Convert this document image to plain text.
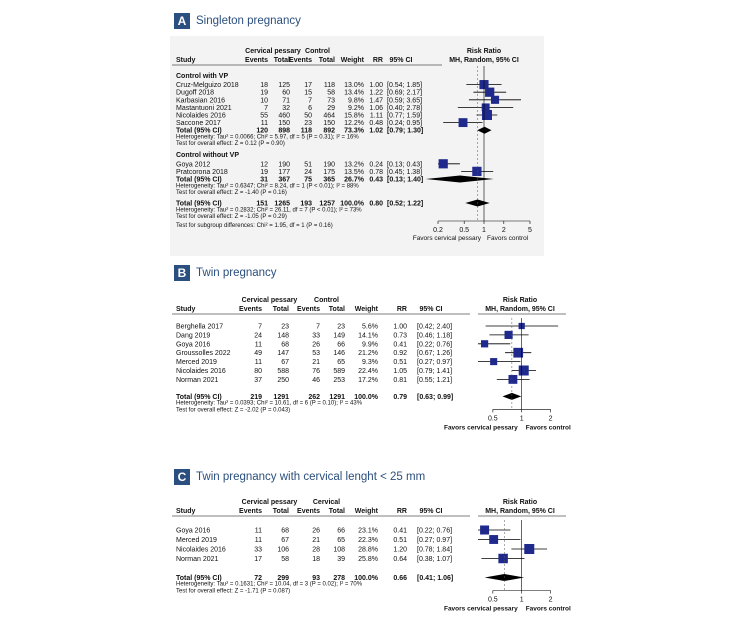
A Singleton pregnancy
Cervical pessary Control	Risk Ratio
Study	Events Total Events Total Weight RR 95% CI	MH, Random, 95% CI
Control with VP
Cruz-Melguizo 2018	18 125 17 118 13.0% 1.00 [0.54; 1.85]
Dugoff 2018	19 60 15 58 13.4% 1.22 [0.69; 2.17]
Karbasian 2016	10 71	7 73 9.8% 1.47 [0.59; 3.65]
Mastantuoni 2021	7 32	6 29 9.2% 1.06 [0.40; 2.78]
Nicolaides 2016	55 460 50 464 15.8% 1.11 [0.77; 1.59]
Saccone 2017	11 150 23 150 12.2% 0.48 [0.24; 0.95]
Total (95% CI)	120 898 118 892 73.3% 1.02 [0.79; 1.30]
Heterogeneity: Tau² = 0.0066; Chi² = 5.97, df = 5 (P = 0.31); I² = 16%
Test for overall effect: Z = 0.12 (P = 0.90)
Control without VP
Goya 2012	12 190 51 190 13.2% 0.24 [0.13; 0.43]
Pratcorona 2018	19 177 24 175 13.5% 0.78 [0.45; 1.38]
Total (95% CI)	31 367 75 365 26.7% 0.43 [0.13; 1.40]
Heterogeneity: Tau² = 0.6347; Chi² = 8.24, df = 1 (P < 0.01); I² = 88%
Test for overall effect: Z = -1.40 (P = 0.16)
Total (95% CI)	151 1265 193 1257 100.0% 0.80 [0.52; 1.22]
Heterogeneity: Tau² = 0.2832; Chi² = 26.11, df = 7 (P < 0.01); I² = 73%
Test for overall effect: Z = -1.05 (P = 0.29)
Test for subgroup differences: Chi² = 1.95, df = 1 (P = 0.16)
0.2 0.5 1 2	5
Favors cervical pessary Favors control
B Twin pregnancy
Cervical pessary Control	Risk Ratio
Study	Events Total Events Total Weight	RR 95% CI	MH, Random, 95% CI
Berghella 2017	7	23	7 23 5.6% 1.00 [0.42; 2.40]
Dang 2019	24 148	33 149 14.1% 0.73 [0.46; 1.18]
Goya 2016	11	68	26 66 9.9% 0.41 [0.22; 0.76]
Groussolles 2022	49 147	53 146 21.2% 0.92 [0.67; 1.26]
Merced 2019	11	67	21 65 9.3% 0.51 [0.27; 0.97]
Nicolaides 2016	80 588	76 589 22.4% 1.05 [0.79; 1.41]
Norman 2021	37 250	46 253 17.2% 0.81 [0.55; 1.21]
Total (95% CI)	219 1291	262 1291 100.0% 0.79 [0.63; 0.99]
Heterogeneity: Tau² = 0.0393; Chi² = 10.61, df = 6 (P = 0.10); I² = 43%
Test for overall effect: Z = -2.02 (P = 0.043)
0.5	1	2
Favors cervical pessary Favors control
C Twin pregnancy with cervical lenght < 25 mm
Cervical pessary Cervical	Risk Ratio
Study	Events Total Events Total Weight	RR 95% CI	MH, Random, 95% CI
Goya 2016	11	68	26 66 23.1% 0.41 [0.22; 0.76]
Merced 2019	11	67	21 65 22.3% 0.51 [0.27; 0.97]
Nicolaides 2016	33 106	28 108 28.8% 1.20 [0.78; 1.84]
Norman 2021	17	58	18 39 25.8% 0.64 [0.38; 1.07]
Total (95% CI)	72 299	93 278 100.0% 0.66 [0.41; 1.06]
Heterogeneity: Tau² = 0.1631; Chi² = 10.04, df = 3 (P = 0.02); I² = 70%
Test for overall effect: Z = -1.71 (P = 0.087)
0.5	1	2
Favors cervical pessary Favors control
